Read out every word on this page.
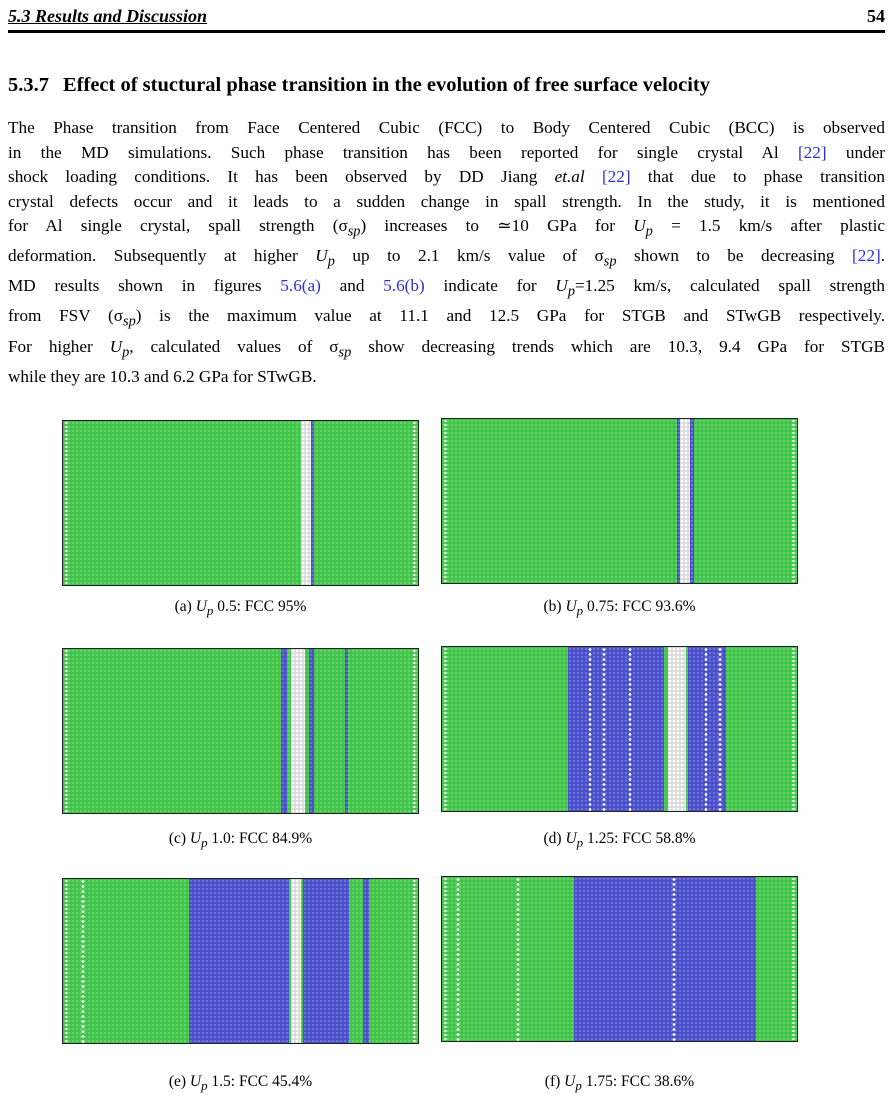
5.3 Results and Discussion	54
5.3.7 Effect of stuctural phase transition in the evolution of free surface velocity
The Phase transition from Face Centered Cubic (FCC) to Body Centered Cubic (BCC) is observed
in the MD simulations. Such phase transition has been reported for single crystal Al [22] under
shock loading conditions. It has been observed by DD Jiang et.al [22] that due to phase transition
crystal defects occur and it leads to a sudden change in spall strength. In the study, it is mentioned
for Al single crystal, spall strength $(\sigma_{sp})$ increases to ≃10 GPa for $U_p = 1.5$ km/s after plastic
deformation. Subsequently at higher $U_p$ up to 2.1 km/s value of $\sigma_{sp}$ shown to be decreasing [22].
MD results shown in figures 5.6(a) and 5.6(b) indicate for $U_p=1.25$ km/s, calculated spall strength
from FSV $(\sigma_{sp})$ is the maximum value at 11.1 and 12.5 GPa for STGB and STwGB respectively.
For higher $U_p$, calculated values of $\sigma_{sp}$ show decreasing trends which are 10.3, 9.4 GPa for STGB
while they are 10.3 and 6.2 GPa for STwGB.
(a) $U_p$ 0.5: FCC 95%	(b) $U_p$ 0.75: FCC 93.6%
(c) $U_p$ 1.0: FCC 84.9%	(d) $U_p$ 1.25: FCC 58.8%
(e) $U_p$ 1.5: FCC 45.4%	(f) $U_p$ 1.75: FCC 38.6%
